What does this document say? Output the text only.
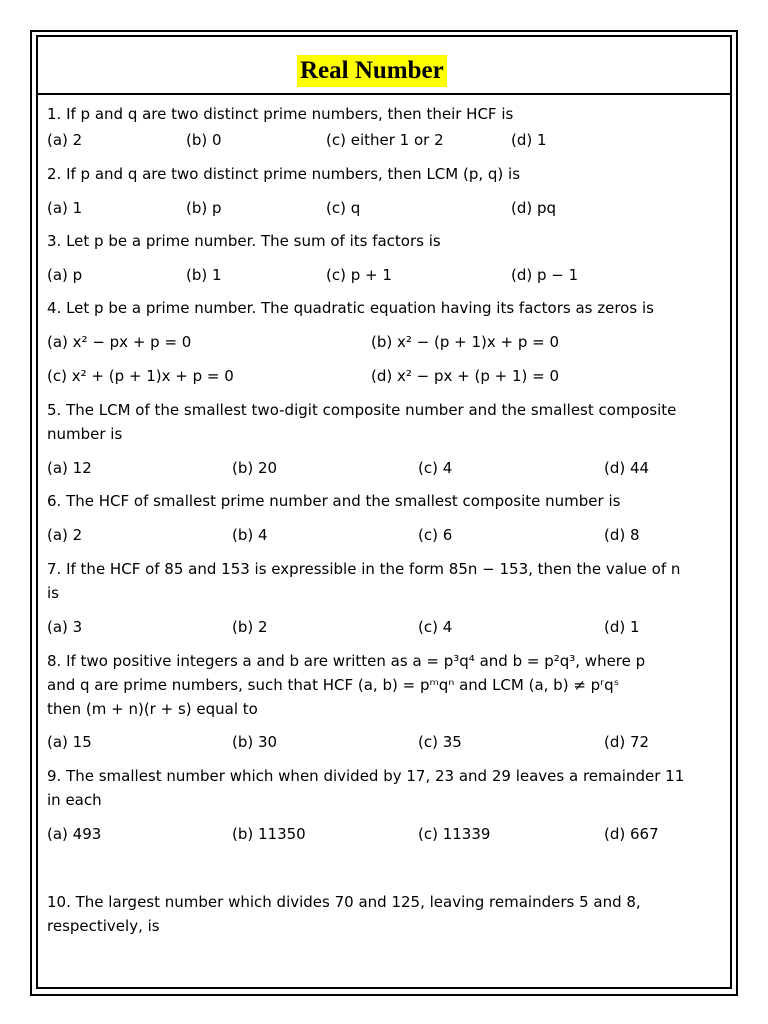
Real Number
1. If p and q are two distinct prime numbers, then their HCF is
(a) 2	(b) 0	(c) either 1 or 2	(d) 1
2. If p and q are two distinct prime numbers, then LCM (p, q) is
(a) 1	(b) p	(c) q	(d) pq
3. Let p be a prime number. The sum of its factors is
(a) p	(b) 1	(c) p + 1	(d) p − 1
4. Let p be a prime number. The quadratic equation having its factors as zeros is
(a) x² − px + p = 0	(b) x² − (p + 1)x + p = 0
(c) x² + (p + 1)x + p = 0	(d) x² − px + (p + 1) = 0
5. The LCM of the smallest two-digit composite number and the smallest composite
number is
(a) 12	(b) 20	(c) 4	(d) 44
6. The HCF of smallest prime number and the smallest composite number is
(a) 2	(b) 4	(c) 6	(d) 8
7. If the HCF of 85 and 153 is expressible in the form 85n − 153, then the value of n
is
(a) 3	(b) 2	(c) 4	(d) 1
8. If two positive integers a and b are written as a = p³q⁴ and b = p²q³, where p
and q are prime numbers, such that HCF (a, b) = pᵐqⁿ and LCM (a, b) ≠ pʳqˢ
then (m + n)(r + s) equal to
(a) 15	(b) 30	(c) 35	(d) 72
9. The smallest number which when divided by 17, 23 and 29 leaves a remainder 11
in each
(a) 493	(b) 11350	(c) 11339	(d) 667
10. The largest number which divides 70 and 125, leaving remainders 5 and 8,
respectively, is
